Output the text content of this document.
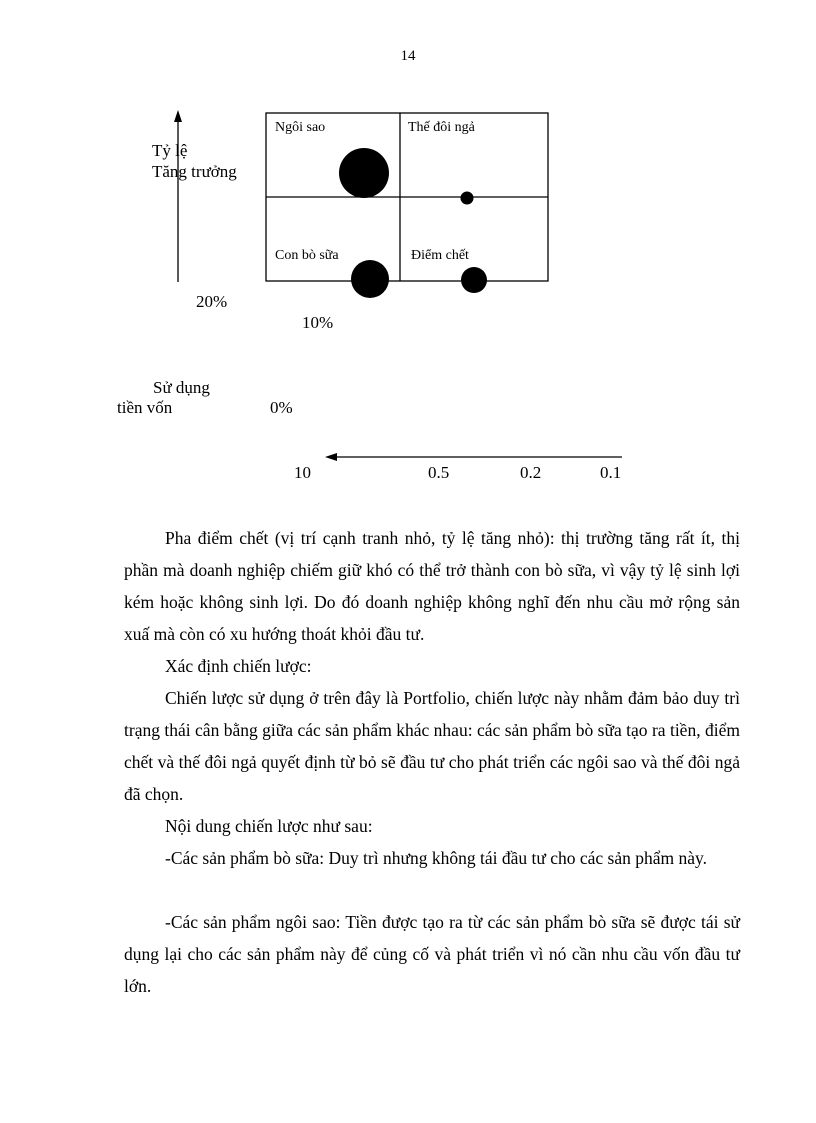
14
Tỷ lệ
Tăng trưởng
Ngôi sao	Thế đôi ngả
Con bò sữa	Điểm chết
20%
10%
0%
Sử dụng
tiền vốn
10	0.5	0.2	0.1
Pha điểm chết (vị trí cạnh tranh nhỏ, tỷ lệ tăng nhỏ): thị trường tăng rất ít, thị phần mà doanh nghiệp chiếm giữ khó có thể trở thành con bò sữa, vì vậy tỷ lệ sinh lợi kém hoặc không sinh lợi. Do đó doanh nghiệp không nghĩ đến nhu cầu mở rộng sản xuấ mà còn có xu hướng thoát khỏi đầu tư.
Xác định chiến lược:
Chiến lược sử dụng ở trên đây là Portfolio, chiến lược này nhằm đảm bảo duy trì trạng thái cân bằng giữa các sản phẩm khác nhau: các sản phẩm bò sữa tạo ra tiền, điểm chết và thế đôi ngả quyết định từ bỏ sẽ đầu tư cho phát triển các ngôi sao và thế đôi ngả đã chọn.
Nội dung chiến lược như sau:
-Các sản phẩm bò sữa: Duy trì nhưng không tái đầu tư cho các sản phẩm này.
-Các sản phẩm ngôi sao: Tiền được tạo ra từ các sản phẩm bò sữa sẽ được tái sử dụng lại cho các sản phẩm này để củng cố và phát triển vì nó cần nhu cầu vốn đầu tư lớn.
